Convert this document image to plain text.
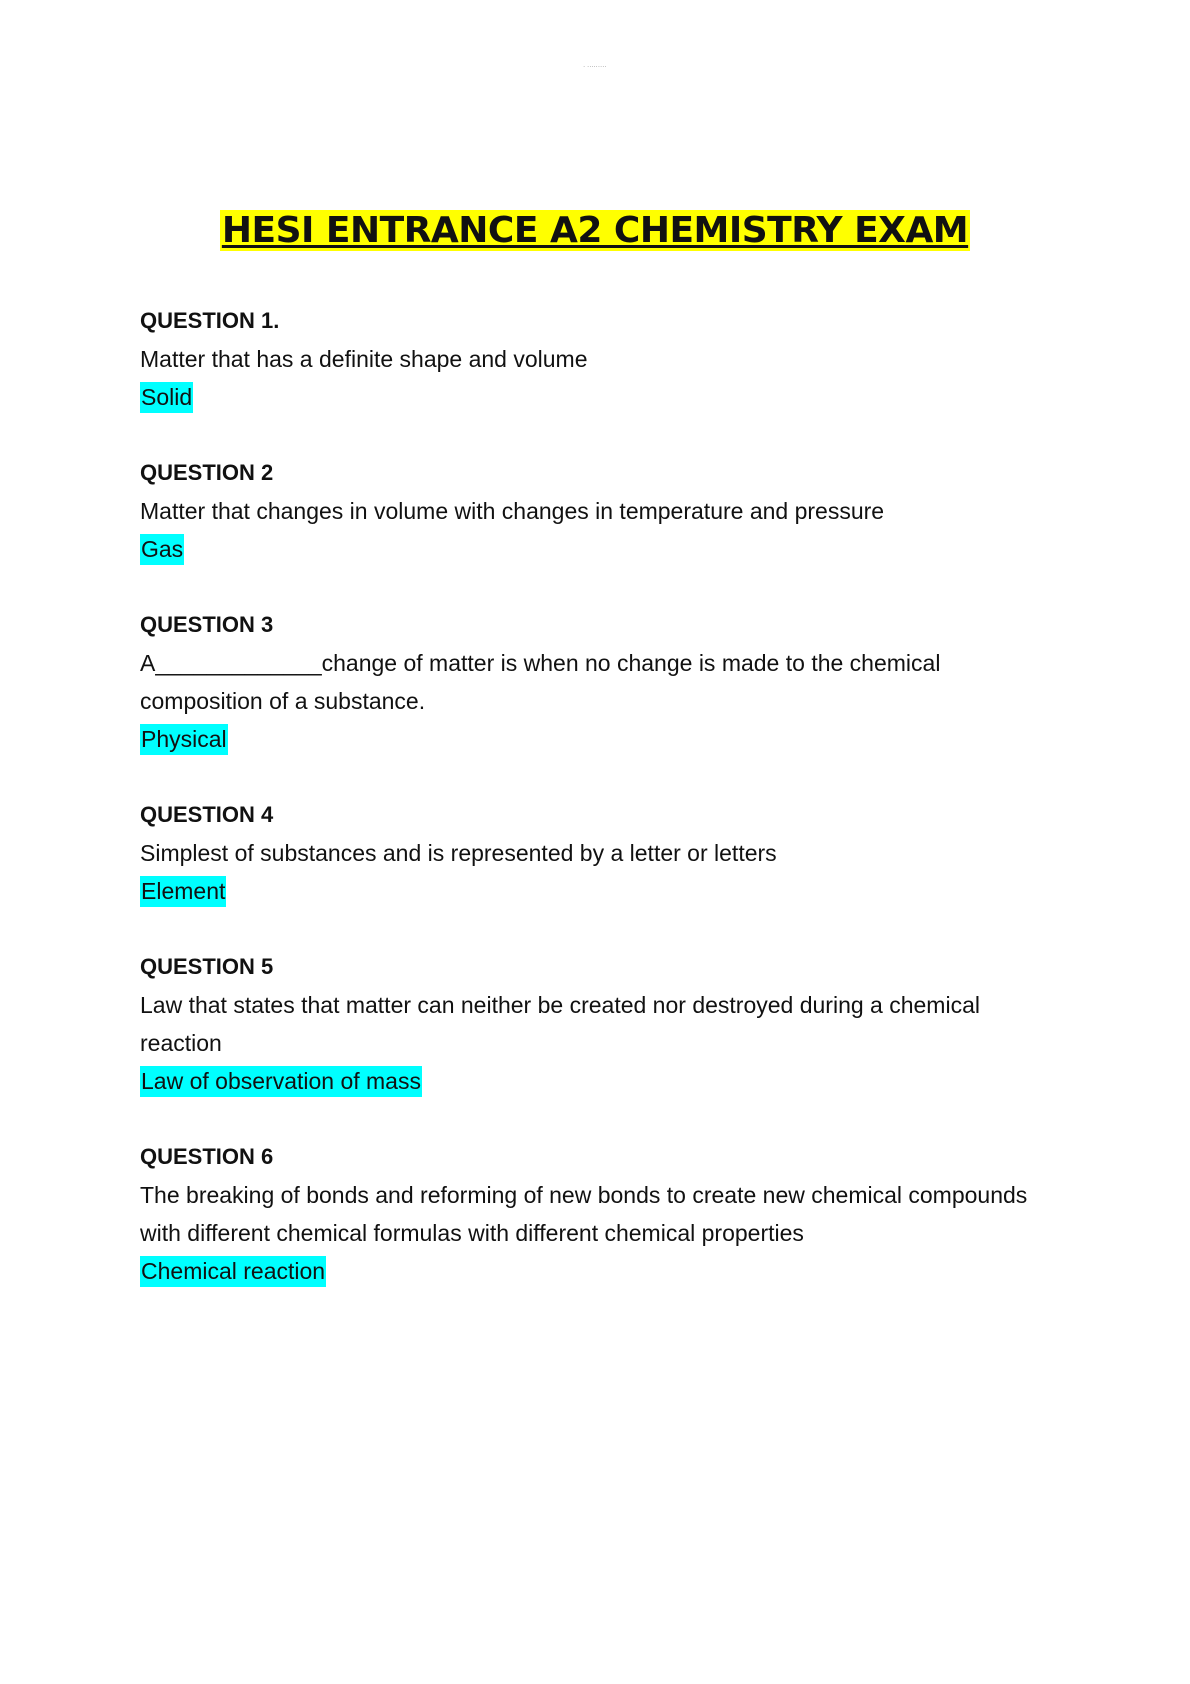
· ·········
HESI ENTRANCE A2 CHEMISTRY EXAM
QUESTION 1.
Matter that has a definite shape and volume
Solid
QUESTION 2
Matter that changes in volume with changes in temperature and pressure
Gas
QUESTION 3
A_____________change of matter is when no change is made to the chemical composition of a substance.
Physical
QUESTION 4
Simplest of substances and is represented by a letter or letters
Element
QUESTION 5
Law that states that matter can neither be created nor destroyed during a chemical reaction
Law of observation of mass
QUESTION 6
The breaking of bonds and reforming of new bonds to create new chemical compounds with different chemical formulas with different chemical properties
Chemical reaction
